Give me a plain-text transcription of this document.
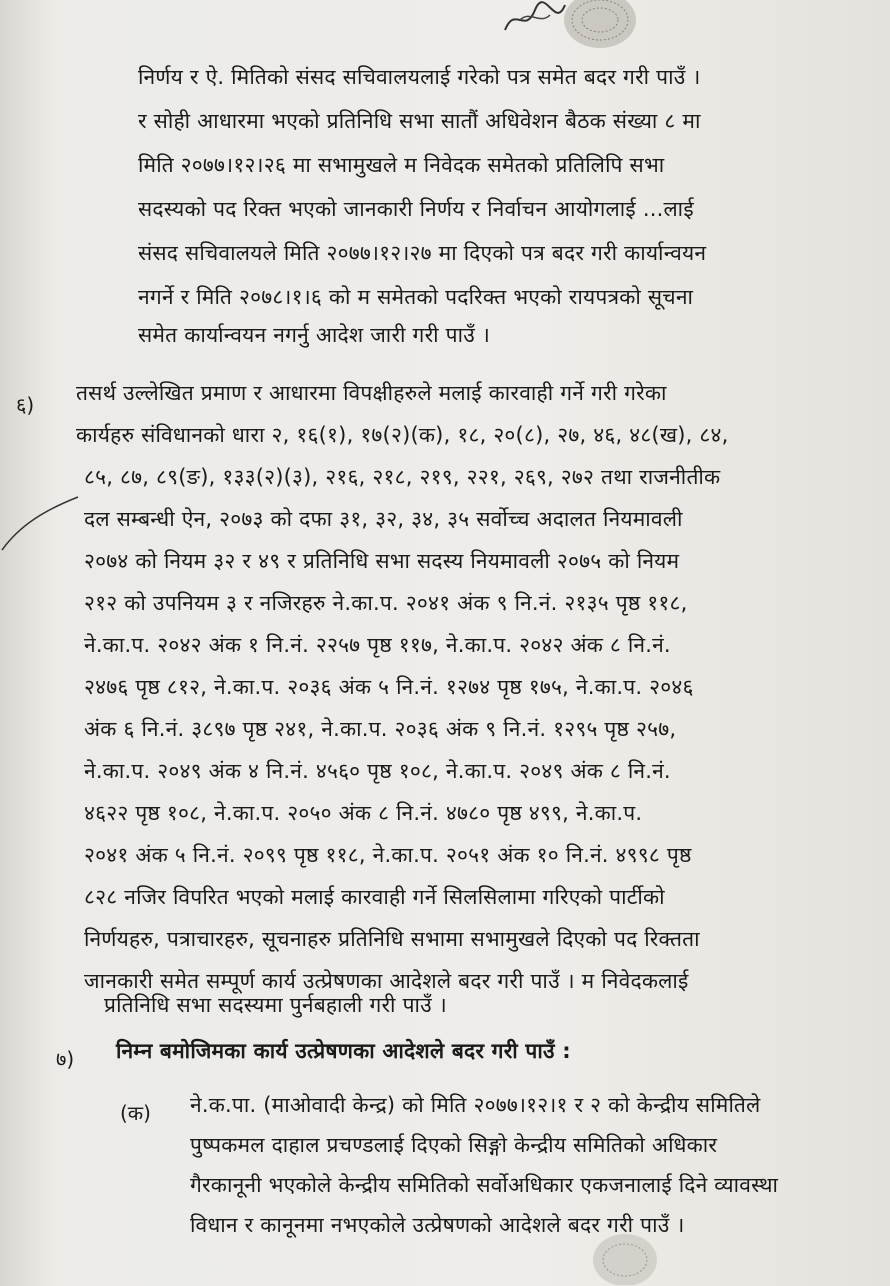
निर्णय र ऐ. मितिको संसद सचिवालयलाई गरेको पत्र समेत बदर गरी पाउँ ।
र सोही आधारमा भएको प्रतिनिधि सभा सातौं अधिवेशन बैठक संख्या ८ मा
मिति २०७७।१२।२६ मा सभामुखले म निवेदक समेतको प्रतिलिपि सभा
सदस्यको पद रिक्त भएको जानकारी निर्णय र निर्वाचन आयोगलाई ...लाई
संसद सचिवालयले मिति २०७७।१२।२७ मा दिएको पत्र बदर गरी कार्यान्वयन
नगर्ने र मिति २०७८।१।६ को म समेतको पदरिक्त भएको रायपत्रको सूचना
समेत कार्यान्वयन नगर्नु आदेश जारी गरी पाउँ ।
६) तसर्थ उल्लेखित प्रमाण र आधारमा विपक्षीहरुले मलाई कारवाही गर्ने गरी गरेका
कार्यहरु संविधानको धारा २, १६(१), १७(२)(क), १८, २०(८), २७, ४६, ४८(ख), ८४,
८५, ८७, ८९(ङ), १३३(२)(३), २१६, २१८, २१९, २२१, २६९, २७२ तथा राजनीतीक
दल सम्बन्धी ऐन, २०७३ को दफा ३१, ३२, ३४, ३५ सर्वोच्च अदालत नियमावली
२०७४ को नियम ३२ र ४९ र प्रतिनिधि सभा सदस्य नियमावली २०७५ को नियम
२१२ को उपनियम ३ र नजिरहरु ने.का.प. २०४१ अंक ९ नि.नं. २१३५ पृष्ठ ११८,
ने.का.प. २०४२ अंक १ नि.नं. २२५७ पृष्ठ ११७, ने.का.प. २०४२ अंक ८ नि.नं.
२४७६ पृष्ठ ८१२, ने.का.प. २०३६ अंक ५ नि.नं. १२७४ पृष्ठ १७५, ने.का.प. २०४६
अंक ६ नि.नं. ३८९७ पृष्ठ २४१, ने.का.प. २०३६ अंक ९ नि.नं. १२९५ पृष्ठ २५७,
ने.का.प. २०४९ अंक ४ नि.नं. ४५६० पृष्ठ १०८, ने.का.प. २०४९ अंक ८ नि.नं.
४६२२ पृष्ठ १०८, ने.का.प. २०५० अंक ८ नि.नं. ४७८० पृष्ठ ४९९, ने.का.प.
२०४१ अंक ५ नि.नं. २०९९ पृष्ठ ११८, ने.का.प. २०५१ अंक १० नि.नं. ४९९८ पृष्ठ
८२८ नजिर विपरित भएको मलाई कारवाही गर्ने सिलसिलामा गरिएको पार्टीको
निर्णयहरु, पत्राचारहरु, सूचनाहरु प्रतिनिधि सभामा सभामुखले दिएको पद रिक्तता
जानकारी समेत सम्पूर्ण कार्य उत्प्रेषणका आदेशले बदर गरी पाउँ । म निवेदकलाई
प्रतिनिधि सभा सदस्यमा पुर्नबहाली गरी पाउँ ।
७) निम्न बमोजिमका कार्य उत्प्रेषणका आदेशले बदर गरी पाउँ :
(क) ने.क.पा. (माओवादी केन्द्र) को मिति २०७७।१२।१ र २ को केन्द्रीय समितिले
पुष्पकमल दाहाल प्रचण्डलाई दिएको सिङ्गो केन्द्रीय समितिको अधिकार
गैरकानूनी भएकोले केन्द्रीय समितिको सर्वोअधिकार एकजनालाई दिने व्यावस्था
विधान र कानूनमा नभएकोले उत्प्रेषणको आदेशले बदर गरी पाउँ ।
